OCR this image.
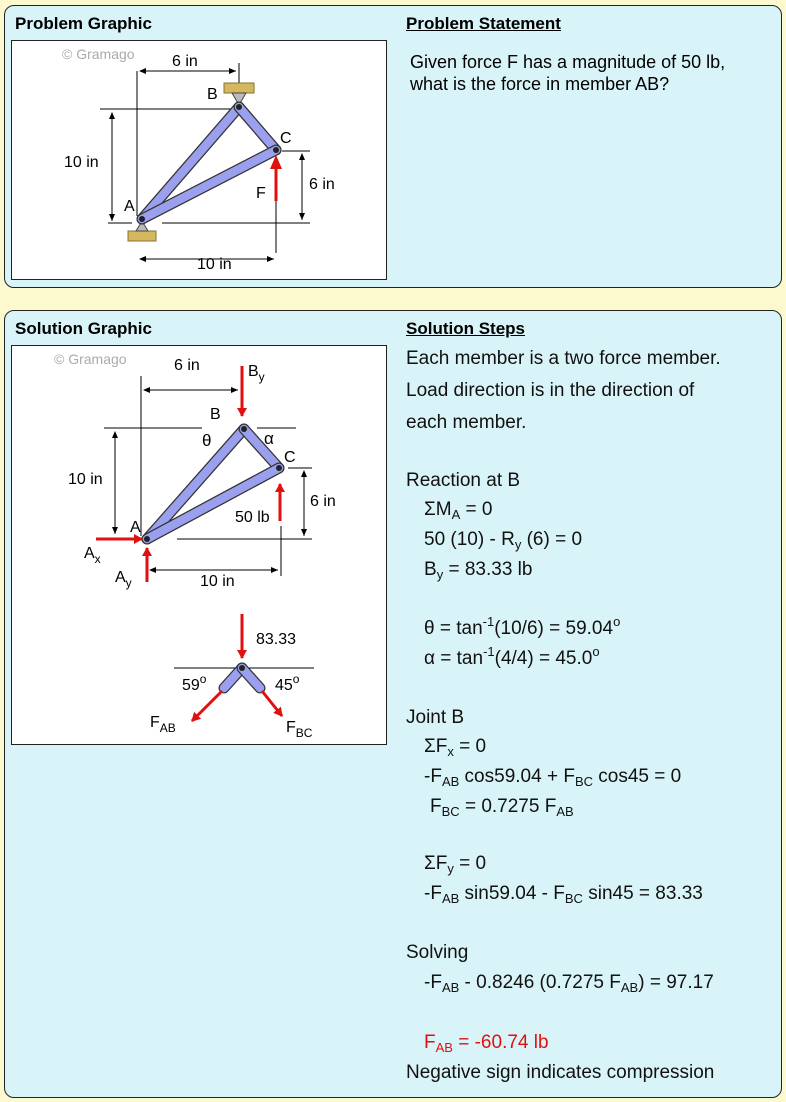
Problem Graphic	Problem Statement
Given force F has a magnitude of 50 lb,
what is the force in member AB?
© Gramago 6 in
10 in
6 in
10 in
F
A
B
C
Solution Graphic	Solution Steps
© Gramago	6 in
10 in
6 in
10 in
$B_y$
$A_x$
$A_y$
50 lb
A
B
C
θ	α
83.33
59$^o$	45$^o$
$F_{AB}$	$F_{BC}$
Each member is a two force member.
Load direction is in the direction of
each member.
Reaction at B
$\Sigma M_A = 0$
50 $(10) - R_y$ (6) = 0
$B_y = 83.33$ lb
$\theta = \tan^{-1}(10/6) = 59.04^o$
$\alpha = \tan^{-1}(4/4) = 45.0^o$
Joint B
$\Sigma F_x = 0$
$-F_{AB}$ $\cos 59.04 + F_{BC}$ cos45 = 0
$F_{BC} = 0.7275$ $F_{AB}$
$\Sigma F_y = 0$
$-F_{AB}$ $\sin 59.04 - F_{BC}$ sin45 = 83.33
Solving
$-F_{AB} - 0.8246$ (0.7275 $F_{AB}) = 97.17$
$F_{AB} = -60.74$ lb
Negative sign indicates compression
